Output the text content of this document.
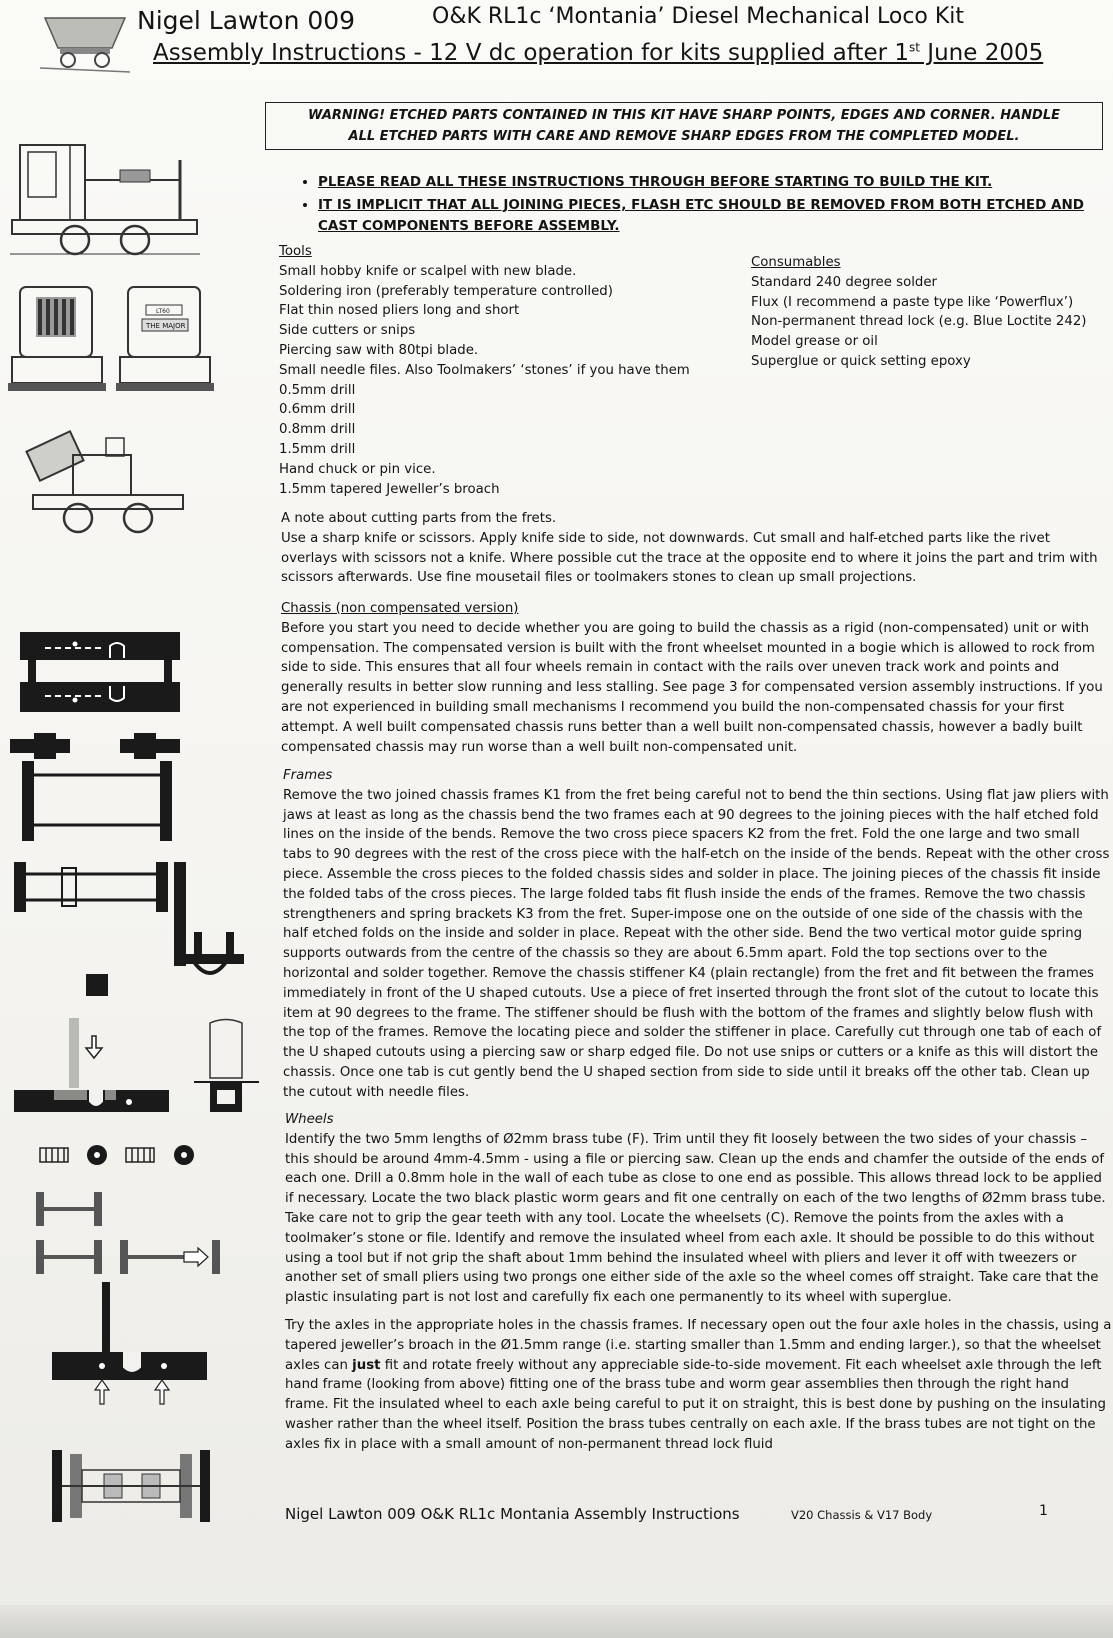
Nigel Lawton 009	O&K RL1c ‘Montania’ Diesel Mechanical Loco Kit
Assembly Instructions - 12 V dc operation for kits supplied after 1st June 2005
WARNING! ETCHED PARTS CONTAINED IN THIS KIT HAVE SHARP POINTS, EDGES AND CORNER. HANDLE
ALL ETCHED PARTS WITH CARE AND REMOVE SHARP EDGES FROM THE COMPLETED MODEL.
• PLEASE READ ALL THESE INSTRUCTIONS THROUGH BEFORE STARTING TO BUILD THE KIT.
• IT IS IMPLICIT THAT ALL JOINING PIECES, FLASH ETC SHOULD BE REMOVED FROM BOTH ETCHED AND CAST COMPONENTS BEFORE ASSEMBLY.
Tools
Small hobby knife or scalpel with new blade.
Soldering iron (preferably temperature controlled)
Flat thin nosed pliers long and short
Side cutters or snips
Piercing saw with 80tpi blade.
Small needle files. Also Toolmakers’ ‘stones’ if you have them
0.5mm drill
0.6mm drill
0.8mm drill
1.5mm drill
Hand chuck or pin vice.
1.5mm tapered Jeweller’s broach
Consumables
Standard 240 degree solder
Flux (I recommend a paste type like ‘Powerflux’)
Non-permanent thread lock (e.g. Blue Loctite 242)
Model grease or oil
Superglue or quick setting epoxy
A note about cutting parts from the frets.
Use a sharp knife or scissors. Apply knife side to side, not downwards. Cut small and half-etched parts like the rivet overlays with scissors not a knife. Where possible cut the trace at the opposite end to where it joins the part and trim with scissors afterwards. Use fine mousetail files or toolmakers stones to clean up small projections.
Chassis (non compensated version)
Before you start you need to decide whether you are going to build the chassis as a rigid (non-compensated) unit or with compensation. The compensated version is built with the front wheelset mounted in a bogie which is allowed to rock from side to side. This ensures that all four wheels remain in contact with the rails over uneven track work and points and generally results in better slow running and less stalling. See page 3 for compensated version assembly instructions. If you are not experienced in building small mechanisms I recommend you build the non-compensated chassis for your first attempt. A well built compensated chassis runs better than a well built non-compensated chassis, however a badly built compensated chassis may run worse than a well built non-compensated unit.
Frames
Remove the two joined chassis frames K1 from the fret being careful not to bend the thin sections. Using flat jaw pliers with jaws at least as long as the chassis bend the two frames each at 90 degrees to the joining pieces with the half etched fold lines on the inside of the bends. Remove the two cross piece spacers K2 from the fret. Fold the one large and two small tabs to 90 degrees with the rest of the cross piece with the half-etch on the inside of the bends. Repeat with the other cross piece. Assemble the cross pieces to the folded chassis sides and solder in place. The joining pieces of the chassis fit inside the folded tabs of the cross pieces. The large folded tabs fit flush inside the ends of the frames. Remove the two chassis strengtheners and spring brackets K3 from the fret. Super-impose one on the outside of one side of the chassis with the half etched folds on the inside and solder in place. Repeat with the other side. Bend the two vertical motor guide spring supports outwards from the centre of the chassis so they are about 6.5mm apart. Fold the top sections over to the horizontal and solder together. Remove the chassis stiffener K4 (plain rectangle) from the fret and fit between the frames immediately in front of the U shaped cutouts. Use a piece of fret inserted through the front slot of the cutout to locate this item at 90 degrees to the frame. The stiffener should be flush with the bottom of the frames and slightly below flush with the top of the frames. Remove the locating piece and solder the stiffener in place. Carefully cut through one tab of each of the U shaped cutouts using a piercing saw or sharp edged file. Do not use snips or cutters or a knife as this will distort the chassis. Once one tab is cut gently bend the U shaped section from side to side until it breaks off the other tab. Clean up the cutout with needle files.
Wheels
Identify the two 5mm lengths of Ø2mm brass tube (F). Trim until they fit loosely between the two sides of your chassis – this should be around 4mm-4.5mm - using a file or piercing saw. Clean up the ends and chamfer the outside of the ends of each one. Drill a 0.8mm hole in the wall of each tube as close to one end as possible. This allows thread lock to be applied if necessary. Locate the two black plastic worm gears and fit one centrally on each of the two lengths of Ø2mm brass tube. Take care not to grip the gear teeth with any tool. Locate the wheelsets (C). Remove the points from the axles with a toolmaker’s stone or file. Identify and remove the insulated wheel from each axle. It should be possible to do this without using a tool but if not grip the shaft about 1mm behind the insulated wheel with pliers and lever it off with tweezers or another set of small pliers using two prongs one either side of the axle so the wheel comes off straight. Take care that the plastic insulating part is not lost and carefully fix each one permanently to its wheel with superglue.
Try the axles in the appropriate holes in the chassis frames. If necessary open out the four axle holes in the chassis, using a tapered jeweller’s broach in the Ø1.5mm range (i.e. starting smaller than 1.5mm and ending larger.), so that the wheelset axles can just fit and rotate freely without any appreciable side-to-side movement. Fit each wheelset axle through the left hand frame (looking from above) fitting one of the brass tube and worm gear assemblies then through the right hand frame. Fit the insulated wheel to each axle being careful to put it on straight, this is best done by pushing on the insulating washer rather than the wheel itself. Position the brass tubes centrally on each axle. If the brass tubes are not tight on the axles fix in place with a small amount of non-permanent thread lock fluid
LT60
THE MAJOR
Nigel Lawton 009 O&K RL1c Montania Assembly Instructions	V20 Chassis & V17 Body	1
